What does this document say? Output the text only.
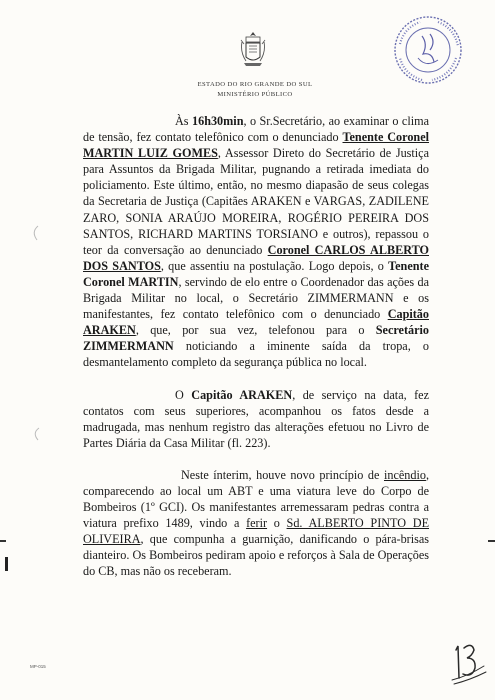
ESTADO DO RIO GRANDE DO SUL
MINISTÉRIO PÚBLICO

Às 16h30min, o Sr.Secretário, ao examinar o clima de tensão, fez contato telefônico com o denunciado Tenente Coronel MARTIN LUIZ GOMES, Assessor Direto do Secretário de Justiça para Assuntos da Brigada Militar, pugnando a retirada imediata do policiamento. Este último, então, no mesmo diapasão de seus colegas da Secretaria de Justiça (Capitães ARAKEN e VARGAS, ZADILENE ZARO, SONIA ARAÚJO MOREIRA, ROGÉRIO PEREIRA DOS SANTOS, RICHARD MARTINS TORSIANO e outros), repassou o teor da conversação ao denunciado Coronel CARLOS ALBERTO DOS SANTOS, que assentiu na postulação. Logo depois, o Tenente Coronel MARTIN, servindo de elo entre o Coordenador das ações da Brigada Militar no local, o Secretário ZIMMERMANN e os manifestantes, fez contato telefônico com o denunciado Capitão ARAKEN, que, por sua vez, telefonou para o Secretário ZIMMERMANN noticiando a iminente saída da tropa, o desmantelamento completo da segurança pública no local.

O Capitão ARAKEN, de serviço na data, fez contatos com seus superiores, acompanhou os fatos desde a madrugada, mas nenhum registro das alterações efetuou no Livro de Partes Diária da Casa Militar (fl. 223).

Neste ínterim, houve novo princípio de incêndio, comparecendo ao local um ABT e uma viatura leve do Corpo de Bombeiros (1º GCI). Os manifestantes arremessaram pedras contra a viatura prefixo 1489, vindo a ferir o Sd. ALBERTO PINTO DE OLIVEIRA, que compunha a guarnição, danificando o pára-brisas dianteiro. Os Bombeiros pediram apoio e reforços à Sala de Operações do CB, mas não os receberam.

MP-015
